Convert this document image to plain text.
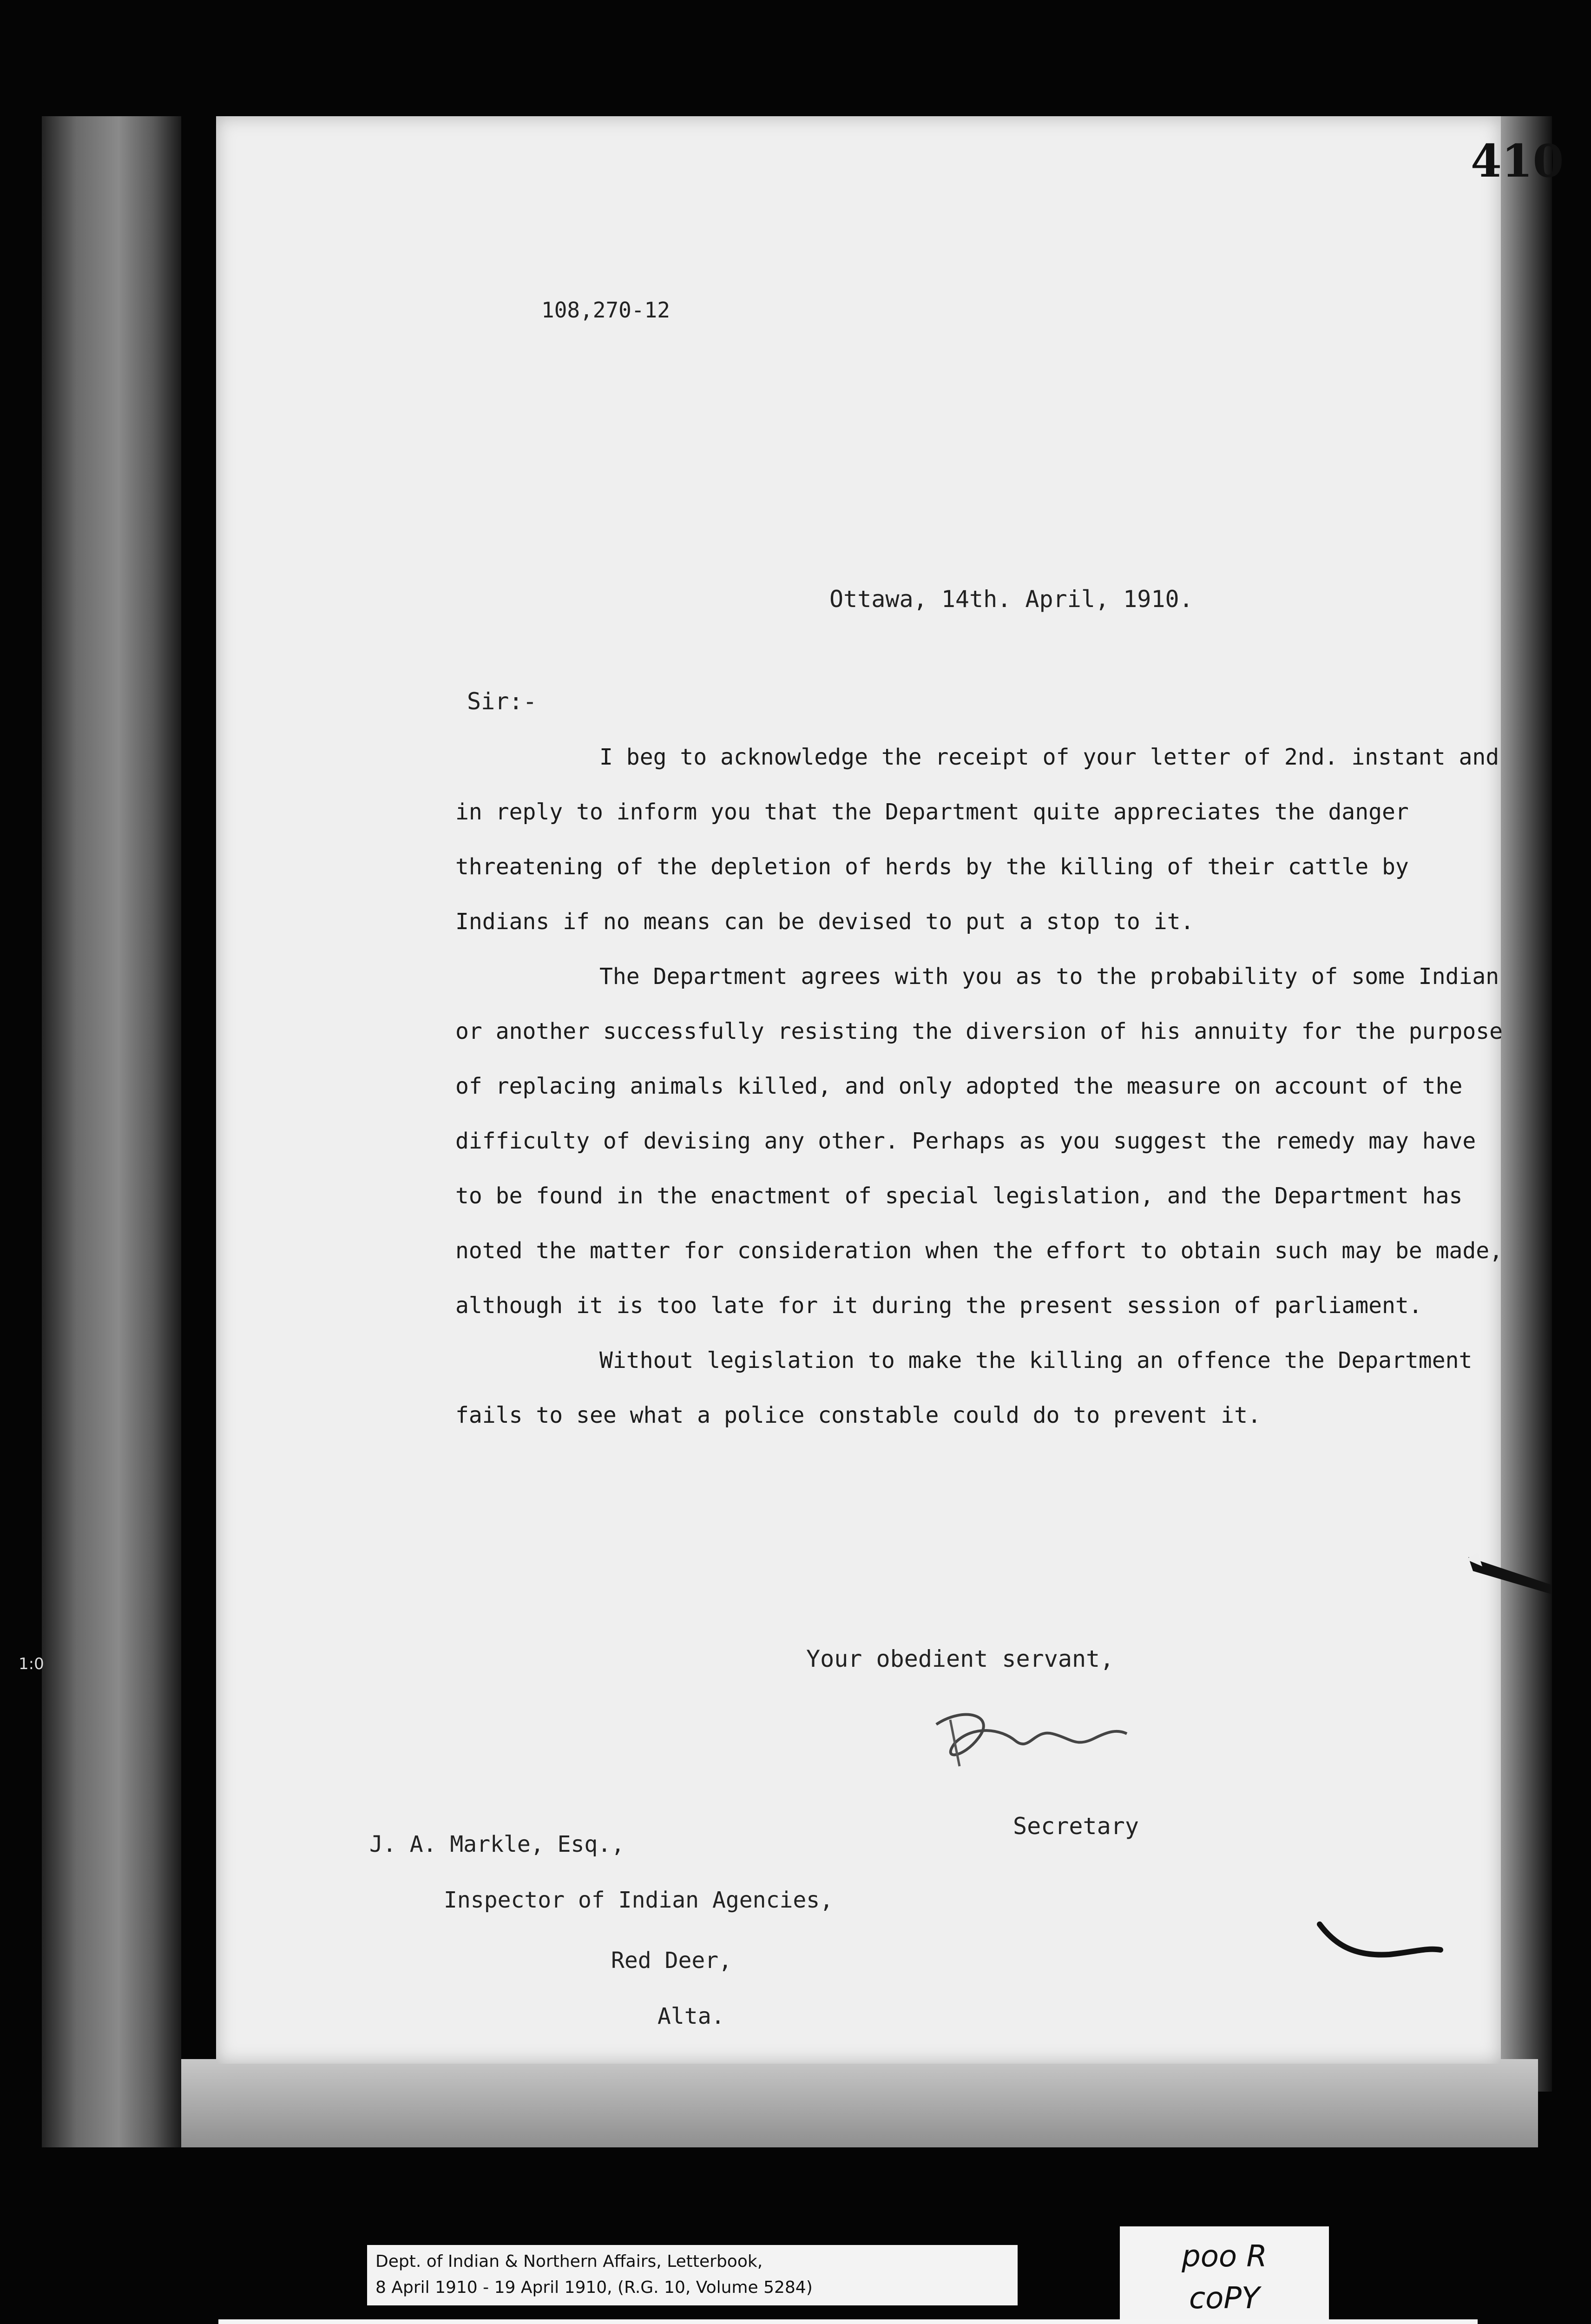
1:0
410
108,270-12
Ottawa, 14th. April, 1910.
Sir:-

I beg to acknowledge the receipt of your letter of 2nd. instant and in reply to inform you that the Department quite appreciates the danger threatening of the depletion of herds by the killing of their cattle by Indians if no means can be devised to put a stop to it.

The Department agrees with you as to the probability of some Indian or another successfully resisting the diversion of his annuity for the purpose of replacing animals killed, and only adopted the measure on account of the difficulty of devising any other. Perhaps as you suggest the remedy may have to be found in the enactment of special legislation, and the Department has noted the matter for consideration when the effort to obtain such may be made, although it is too late for it during the present session of parliament.

Without legislation to make the killing an offence the Department fails to see what a police constable could do to prevent it.

Your obedient servant,
Secretary
J. A. Markle, Esq.,
Inspector of Indian Agencies,
Red Deer,
Alta.
Dept. of Indian & Northern Affairs, Letterbook,
8 April 1910 - 19 April 1910, (R.G. 10, Volume 5284)
poo R
coPY
